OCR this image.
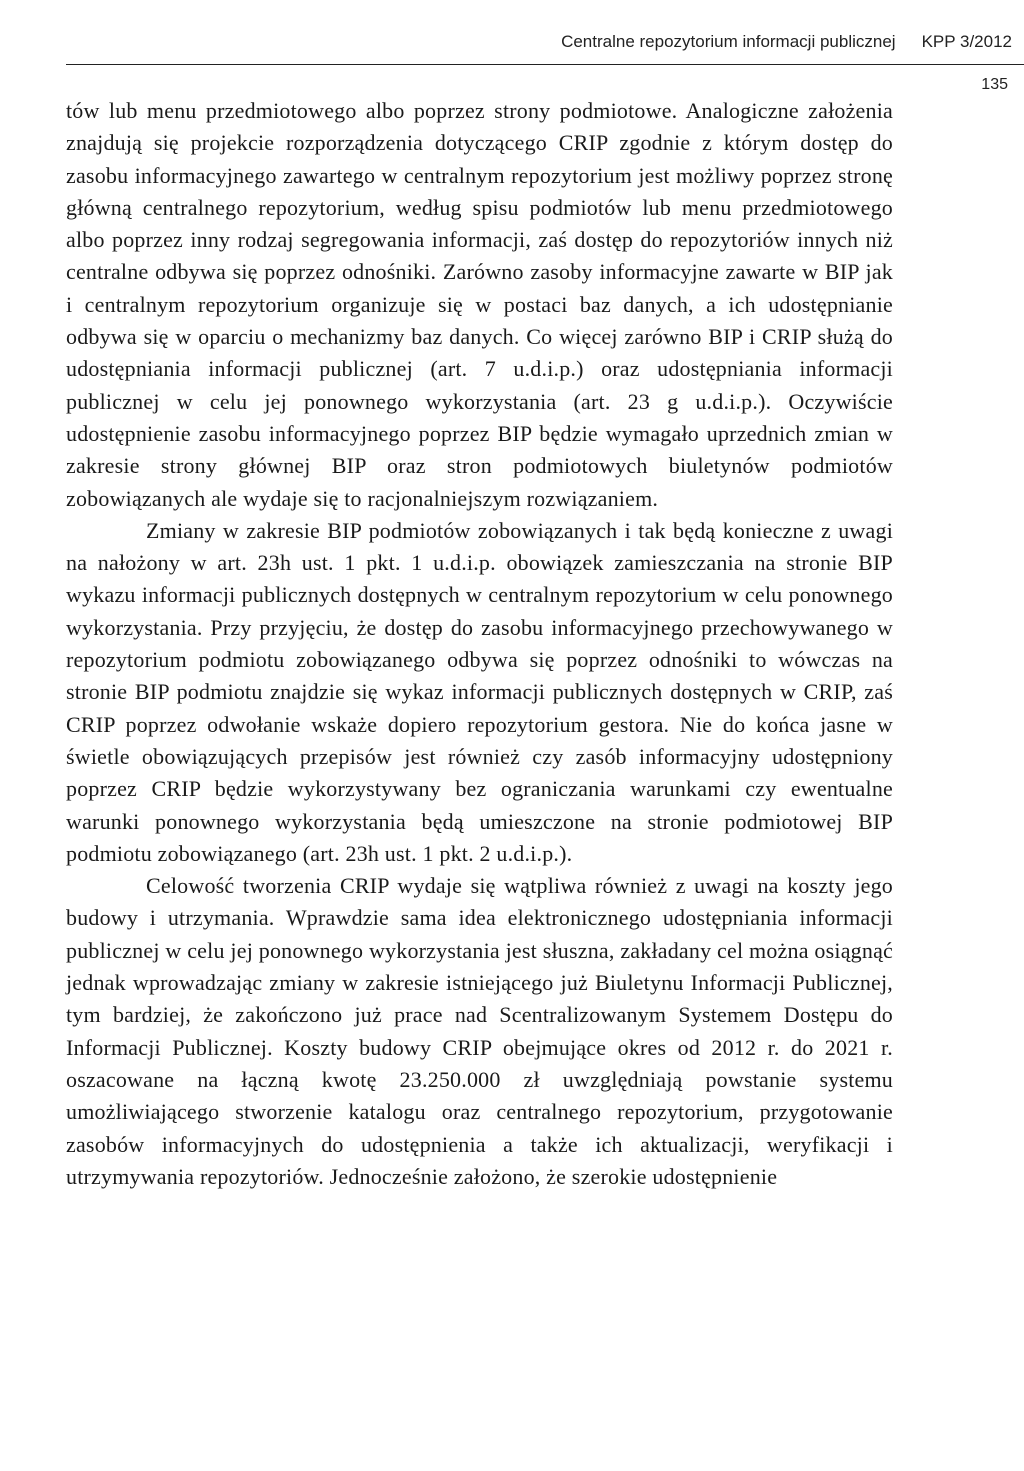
Centralne repozytorium informacji publicznej KPP 3/2012
135

tów lub menu przedmiotowego albo poprzez strony podmiotowe. Analogiczne założenia znajdują się projekcie rozporządzenia dotyczącego CRIP zgodnie z którym dostęp do zasobu informacyjnego zawartego w centralnym repozytorium jest możliwy poprzez stronę główną centralnego repozytorium, według spisu podmiotów lub menu przedmiotowego albo poprzez inny rodzaj segregowania informacji, zaś dostęp do repozytoriów innych niż centralne odbywa się poprzez odnośniki. Zarówno zasoby informacyjne zawarte w BIP jak i centralnym repozytorium organizuje się w postaci baz danych, a ich udostępnianie odbywa się w oparciu o mechanizmy baz danych. Co więcej zarówno BIP i CRIP służą do udostępniania informacji publicznej (art. 7 u.d.i.p.) oraz udostępniania informacji publicznej w celu jej ponownego wykorzystania (art. 23 g u.d.i.p.). Oczywiście udostępnienie zasobu informacyjnego poprzez BIP będzie wymagało uprzednich zmian w zakresie strony głównej BIP oraz stron podmiotowych biuletynów podmiotów zobowiązanych ale wydaje się to racjonalniejszym rozwiązaniem.

Zmiany w zakresie BIP podmiotów zobowiązanych i tak będą konieczne z uwagi na nałożony w art. 23h ust. 1 pkt. 1 u.d.i.p. obowiązek zamieszczania na stronie BIP wykazu informacji publicznych dostępnych w centralnym repozytorium w celu ponownego wykorzystania. Przy przyjęciu, że dostęp do zasobu informacyjnego przechowywanego w repozytorium podmiotu zobowiązanego odbywa się poprzez odnośniki to wówczas na stronie BIP podmiotu znajdzie się wykaz informacji publicznych dostępnych w CRIP, zaś CRIP poprzez odwołanie wskaże dopiero repozytorium gestora. Nie do końca jasne w świetle obowiązujących przepisów jest również czy zasób informacyjny udostępniony poprzez CRIP będzie wykorzystywany bez ograniczania warunkami czy ewentualne warunki ponownego wykorzystania będą umieszczone na stronie podmiotowej BIP podmiotu zobowiązanego (art. 23h ust. 1 pkt. 2 u.d.i.p.).

Celowość tworzenia CRIP wydaje się wątpliwa również z uwagi na koszty jego budowy i utrzymania. Wprawdzie sama idea elektronicznego udostępniania informacji publicznej w celu jej ponownego wykorzystania jest słuszna, zakładany cel można osiągnąć jednak wprowadzając zmiany w zakresie istniejącego już Biuletynu Informacji Publicznej, tym bardziej, że zakończono już prace nad Scentralizowanym Systemem Dostępu do Informacji Publicznej. Koszty budowy CRIP obejmujące okres od 2012 r. do 2021 r. oszacowane na łączną kwotę 23.250.000 zł uwzględniają powstanie systemu umożliwiającego stworzenie katalogu oraz centralnego repozytorium, przygotowanie zasobów informacyjnych do udostępnienia a także ich aktualizacji, weryfikacji i utrzymywania repozytoriów. Jednocześnie założono, że szerokie udostępnienie
